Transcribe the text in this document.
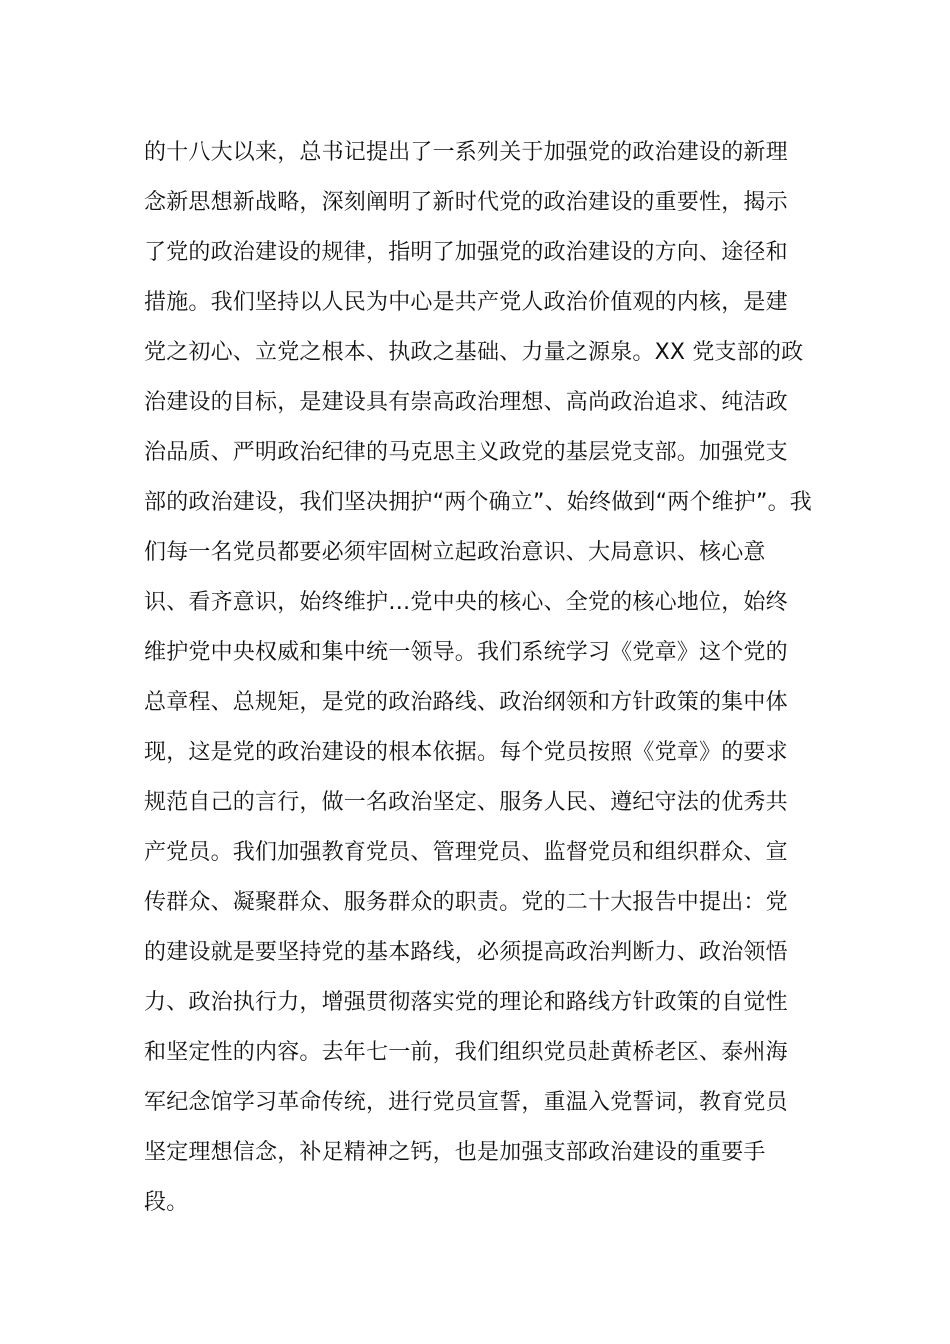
的十八大以来，总书记提出了一系列关于加强党的政治建设的新理
念新思想新战略，深刻阐明了新时代党的政治建设的重要性，揭示
了党的政治建设的规律，指明了加强党的政治建设的方向、途径和
措施。我们坚持以人民为中心是共产党人政治价值观的内核，是建
党之初心、立党之根本、执政之基础、力量之源泉。XX 党支部的政
治建设的目标，是建设具有崇高政治理想、高尚政治追求、纯洁政
治品质、严明政治纪律的马克思主义政党的基层党支部。加强党支
部的政治建设，我们坚决拥护“两个确立”、始终做到“两个维护”。我
们每一名党员都要必须牢固树立起政治意识、大局意识、核心意
识、看齐意识，始终维护…党中央的核心、全党的核心地位，始终
维护党中央权威和集中统一领导。我们系统学习《党章》这个党的
总章程、总规矩，是党的政治路线、政治纲领和方针政策的集中体
现，这是党的政治建设的根本依据。每个党员按照《党章》的要求
规范自己的言行，做一名政治坚定、服务人民、遵纪守法的优秀共
产党员。我们加强教育党员、管理党员、监督党员和组织群众、宣
传群众、凝聚群众、服务群众的职责。党的二十大报告中提出：党
的建设就是要坚持党的基本路线，必须提高政治判断力、政治领悟
力、政治执行力，增强贯彻落实党的理论和路线方针政策的自觉性
和坚定性的内容。去年七一前，我们组织党员赴黄桥老区、泰州海
军纪念馆学习革命传统，进行党员宣誓，重温入党誓词，教育党员
坚定理想信念，补足精神之钙，也是加强支部政治建设的重要手
段。
